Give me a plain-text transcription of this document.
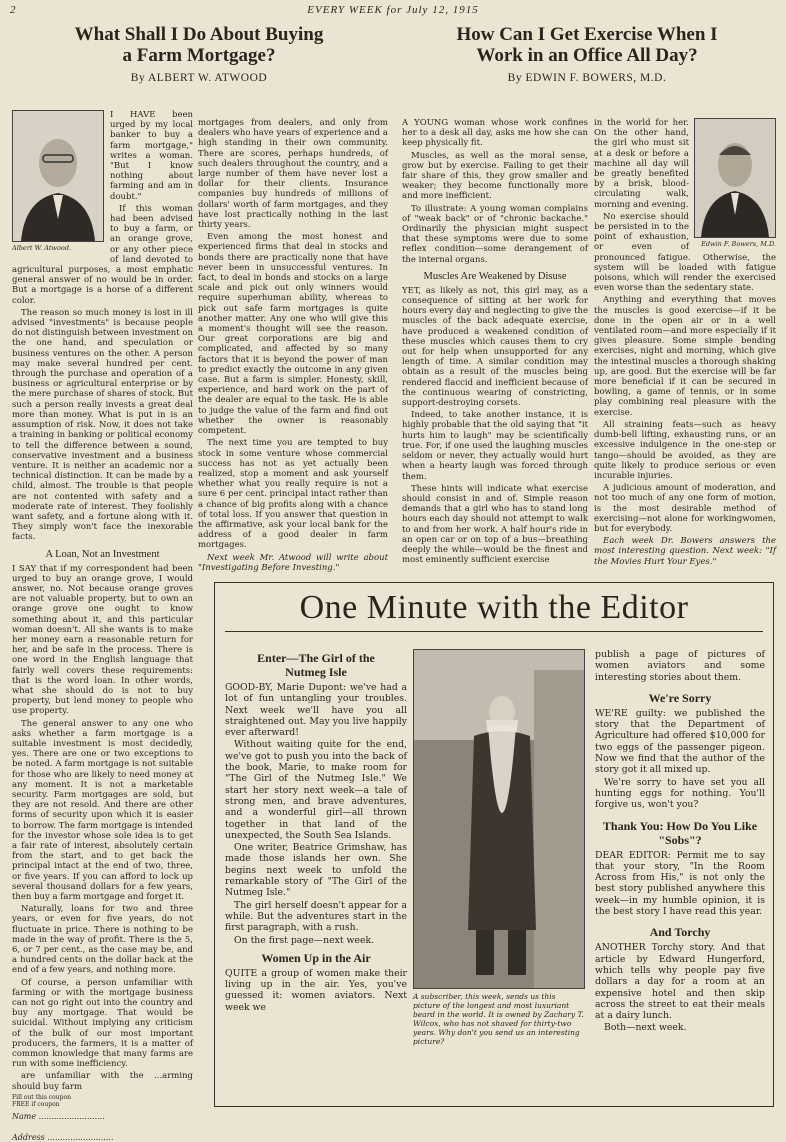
2	EVERY WEEK for July 12, 1915
What Shall I Do About Buying
a Farm Mortgage?
By ALBERT W. ATWOOD
Albert W. Atwood.
I HAVE been urged by my local banker to buy a farm mortgage," writes a woman. "But I know nothing about farming and am in doubt."
If this woman had been advised to buy a farm, or an orange grove, or any other piece of land devoted to agricultural purposes, a most emphatic general answer of no would be in order. But a mortgage is a horse of a different color.
The reason so much money is lost in ill advised "investments" is because people do not distinguish between investment on the one hand, and speculation or business ventures on the other. A person may make several hundred per cent. through the purchase and operation of a business or agricultural enterprise or by the mere purchase of shares of stock. But such a person really invests a great deal more than money. What is put in is an assumption of risk. Now, it does not take a training in banking or political economy to tell the difference between a sound, conservative investment and a business venture. It is neither an academic nor a technical distinction. It can be made by a child, almost. The trouble is that people are not contented with safety and a moderate rate of interest. They foolishly want safety, and a fortune along with it. They simply won't face the inexorable facts.
A Loan, Not an Investment
I SAY that if my correspondent had been urged to buy an orange grove, I would answer, no. Not because orange groves are not valuable property, but to own an orange grove one ought to know something about it, and this particular woman doesn't. All she wants is to make her money earn a reasonable return for her, and be safe in the process. There is one word in the English language that fairly well covers these requirements: that is the word loan. In other words, what she should do is not to buy property, but lend money to people who use property.
The general answer to any one who asks whether a farm mortgage is a suitable investment is most decidedly, yes. There are one or two exceptions to be noted. A farm mortgage is not suitable for those who are likely to need money at any moment. It is not a marketable security. Farm mortgages are sold, but they are not resold. And there are other forms of security upon which it is easier to borrow. The farm mortgage is intended for the investor whose sole idea is to get a fair rate of interest, absolutely certain from the start, and to get back the principal intact at the end of two, three, or five years. If you can afford to lock up several thousand dollars for a few years, then buy a farm mortgage and forget it.
Naturally, loans for two and three years, or even for five years, do not fluctuate in price. There is nothing to be made in the way of profit. There is the 5, 6, or 7 per cent., as the case may be, and a hundred cents on the dollar back at the end of a few years, and nothing more.
Of course, a person unfamiliar with farming or with the mortgage business can not go right out into the country and buy any mortgage. That would be suicidal. Without implying any criticism of the bulk of our most important producers, the farmers, it is a matter of common knowledge that many farms are run with some inefficiency.
are unfamiliar with the ...arming should buy farm
Fill out this coupon
FREE if coupon
Name ..........................
Address ..........................
mortgages from dealers, and only from dealers who have years of experience and a high standing in their own community. There are scores, perhaps hundreds, of such dealers throughout the country, and a large number of them have never lost a dollar for their clients. Insurance companies buy hundreds of millions of dollars' worth of farm mortgages, and they have lost practically nothing in the last thirty years.
Even among the most honest and experienced firms that deal in stocks and bonds there are practically none that have never been in unsuccessful ventures. In fact, to deal in bonds and stocks on a large scale and pick out only winners would require superhuman ability, whereas to pick out safe farm mortgages is quite another matter. Any one who will give this a moment's thought will see the reason. Our great corporations are big and complicated, and affected by so many factors that it is beyond the power of man to predict exactly the outcome in any given case. But a farm is simpler. Honesty, skill, experience, and hard work on the part of the dealer are equal to the task. He is able to judge the value of the farm and find out whether the owner is reasonably competent.
The next time you are tempted to buy stock in some venture whose commercial success has not as yet actually been realized, stop a moment and ask yourself whether what you really require is not a sure 6 per cent. principal intact rather than a chance of big profits along with a chance of total loss. If you answer that question in the affirmative, ask your local bank for the address of a good dealer in farm mortgages.
Next week Mr. Atwood will write about "Investigating Before Investing."
How Can I Get Exercise When I
Work in an Office All Day?
By EDWIN F. BOWERS, M.D.
A YOUNG woman whose work confines her to a desk all day, asks me how she can keep physically fit.
Muscles, as well as the moral sense, grow but by exercise. Failing to get their fair share of this, they grow smaller and weaker; they become functionally more and more inefficient.
To illustrate: A young woman complains of "weak back" or of "chronic backache." Ordinarily the physician might suspect that these symptoms were due to some reflex condition—some derangement of the internal organs.
Muscles Are Weakened by Disuse
YET, as likely as not, this girl may, as a consequence of sitting at her work for hours every day and neglecting to give the muscles of the back adequate exercise, have produced a weakened condition of these muscles which causes them to cry out for help when unsupported for any length of time. A similar condition may obtain as a result of the muscles being rendered flaccid and inefficient because of the continuous wearing of constricting, support-destroying corsets.
Indeed, to take another instance, it is highly probable that the old saying that "it hurts him to laugh" may be scientifically true. For, if one used the laughing muscles seldom or never, they actually would hurt when a hearty laugh was forced through them.
These hints will indicate what exercise should consist in and of. Simple reason demands that a girl who has to stand long hours each day should not attempt to walk to and from her work. A half hour's ride in an open car or on top of a bus—breathing deeply the while—would be the finest and most eminently sufficient exercise
Edwin F. Bowers, M.D.
in the world for her. On the other hand, the girl who must sit at a desk or before a machine all day will be greatly benefited by a brisk, blood-circulating walk, morning and evening.
No exercise should be persisted in to the point of exhaustion, or even of pronounced fatigue. Otherwise, the system will be loaded with fatigue poisons, which will render the exercised even worse than the sedentary state.
Anything and everything that moves the muscles is good exercise—if it be done in the open air or in a well ventilated room—and more especially if it gives pleasure. Some simple bending exercises, night and morning, which give the intestinal muscles a thorough shaking up, are good. But the exercise will be far more beneficial if it can be secured in bowling, a game of tennis, or in some play combining real pleasure with the exercise.
All straining feats—such as heavy dumb-bell lifting, exhausting runs, or an excessive indulgence in the one-step or tango—should be avoided, as they are quite likely to produce serious or even incurable injuries.
A judicious amount of moderation, and not too much of any one form of motion, is the most desirable method of exercising—not alone for workingwomen, but for everybody.
Each week Dr. Bowers answers the most interesting question. Next week: "If the Movies Hurt Your Eyes."
One Minute with the Editor
Enter—The Girl of the
Nutmeg Isle
GOOD-BY, Marie Dupont: we've had a lot of fun untangling your troubles. Next week we'll have you all straightened out. May you live happily ever afterward!
Without waiting quite for the end, we've got to push you into the back of the book, Marie, to make room for "The Girl of the Nutmeg Isle." We start her story next week—a tale of strong men, and brave adventures, and a wonderful girl—all thrown together in that land of the unexpected, the South Sea Islands.
One writer, Beatrice Grimshaw, has made those islands her own. She begins next week to unfold the remarkable story of "The Girl of the Nutmeg Isle."
The girl herself doesn't appear for a while. But the adventures start in the first paragraph, with a rush.
On the first page—next week.
Women Up in the Air
QUITE a group of women make their living up in the air. Yes, you've guessed it: women aviators. Next week we
A subscriber, this week, sends us this picture of the longest and most luxuriant beard in the world. It is owned by Zachary T. Wilcox, who has not shaved for thirty-two years. Why don't you send us an interesting picture?
publish a page of pictures of women aviators and some interesting stories about them.
We're Sorry
WE'RE guilty: we published the story that the Department of Agriculture had offered $10,000 for two eggs of the passenger pigeon. Now we find that the author of the story got it all mixed up.
We're sorry to have set you all hunting eggs for nothing. You'll forgive us, won't you?
Thank You: How Do You Like "Sobs"?
DEAR EDITOR: Permit me to say that your story, "In the Room Across from His," is not only the best story published anywhere this week—in my humble opinion, it is the best story I have read this year.
And Torchy
ANOTHER Torchy story. And that article by Edward Hungerford, which tells why people pay five dollars a day for a room at an expensive hotel and then skip across the street to eat their meals at a dairy lunch.
Both—next week.
